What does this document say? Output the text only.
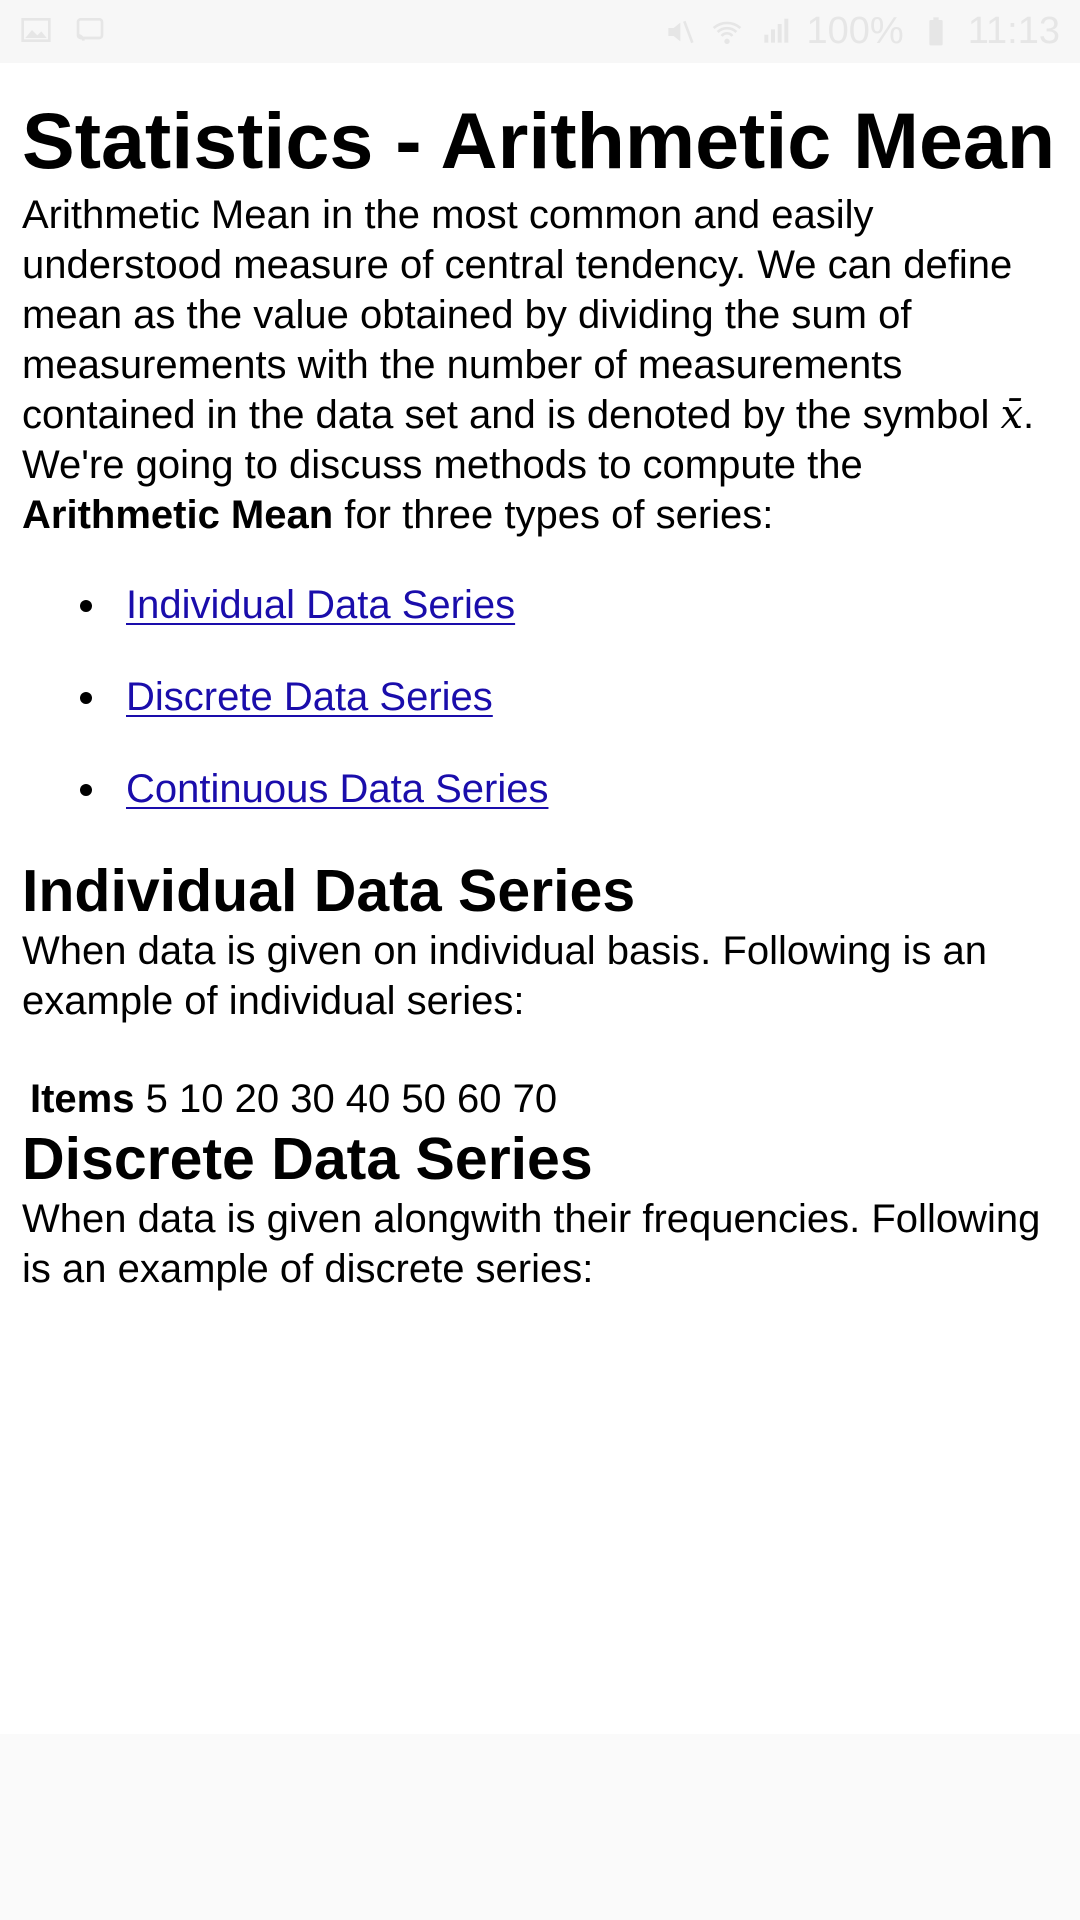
100% 11:13
Statistics - Arithmetic Mean

Arithmetic Mean in the most common and easily understood measure of central tendency. We can define mean as the value obtained by dividing the sum of measurements with the number of measurements contained in the data set and is denoted by the symbol x̄.

We're going to discuss methods to compute the Arithmetic Mean for three types of series:

Individual Data Series
Discrete Data Series
Continuous Data Series
Individual Data Series

When data is given on individual basis. Following is an example of individual series:

Items 5 10 20 30 40 50 60 70
Discrete Data Series

When data is given alongwith their frequencies. Following is an example of discrete series:
